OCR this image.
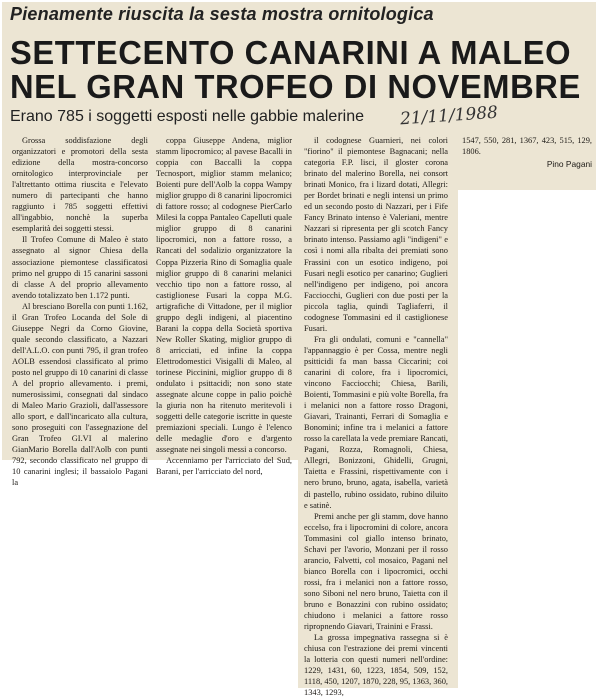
Pienamente riuscita la sesta mostra ornitologica
SETTECENTO CANARINI A MALEO
NEL GRAN TROFEO DI NOVEMBRE
Erano 785 i soggetti esposti nelle gabbie malerine 21/11/1988

Grossa soddisfazione degli organizzatori e promotori della sesta edizione della mostra-concorso ornitologico interprovinciale per l'altrettanto ottima riuscita e l'elevato numero di partecipanti che hanno raggiunto i 785 soggetti effettivi all'ingabbio, nonchè la superba esemplarità dei soggetti stessi.

Il Trofeo Comune di Maleo è stato assegnato al signor Chiesa della associazione piemontese classificatosi primo nel gruppo di 15 canarini sassoni di classe A del proprio allevamento avendo totalizzato ben 1.172 punti.

Al bresciano Borella con punti 1.162, il Gran Trofeo Locanda del Sole di Giuseppe Negri da Corno Giovine, quale secondo classificato, a Nazzari dell'A.L.O. con punti 795, il gran trofeo AOLB essendosi classificato al primo posto nel gruppo di 10 canarini di classe A del proprio allevamento. i premi, numerosissimi, consegnati dal sindaco di Maleo Mario Grazioli, dall'assessore allo sport, e dall'incaricato alla cultura, sono proseguiti con l'assegnazione del Gran Trofeo GI.VI al malerino GianMario Borella dall'Aolb con punti 792, secondo classificato nel gruppo di 10 canarini inglesi; il bassaiolo Pagani la

coppa Giuseppe Andena, miglior stamm lipocromico; al pavese Bacalli in coppia con Baccalli la coppa Tecnosport, miglior stamm melanico; Boienti pure dell'Aolb la coppa Wampy miglior gruppo di 8 canarini lipocromici di fattore rosso; al codognese PierCarlo Milesi la coppa Pantaleo Capelluti quale miglior gruppo di 8 canarini lipocromici, non a fattore rosso, a Rancati del sodalizio organizzatore la Coppa Pizzeria Rino di Somaglia quale miglior gruppo di 8 canarini melanici vecchio tipo non a fattore rosso, al castiglionese Fusari la coppa M.G. artigrafiche di Vittadone, per il miglior gruppo degli indigeni, al piacentino Barani la coppa della Società sportiva New Roller Skating, miglior gruppo di 8 arricciati, ed infine la coppa Elettrodomestici Visigalli di Maleo, al torinese Piccinini, miglior gruppo di 8 ondulato i psittacidi; non sono state assegnate alcune coppe in palio poichè la giuria non ha ritenuto meritevoli i soggetti delle categorie iscritte in queste premiazioni speciali. Lungo è l'elenco delle medaglie d'oro e d'argento assegnate nei singoli messi a concorso.

Accenniamo per l'arricciato del Sud, Barani, per l'arricciato del nord,

il codognese Guarnieri, nei colori "fiorino" il piemontese Bagnacani; nella categoria F.P. lisci, il gloster corona brinato del malerino Borella, nei consort brinati Monico, fra i lizard dotati, Allegri: per Bordet brinati e negli intensi un primo ed un secondo posto di Nazzari, per i Fife Fancy Brinato intenso è Valeriani, mentre Nazzari si ripresenta per gli scotch Fancy brinato intenso. Passiamo agli "indigeni" e così i nomi alla ribalta dei premiati sono Frassini con un esotico indigeno, poi Fusari negli esotico per canarino; Guglieri nell'indigeno per indigeno, poi ancora Facciocchi, Guglieri con due posti per la piccola taglia, quindi Tagliaferri, il codognese Tommasini ed il castiglionese Fusari.

Fra gli ondulati, comuni e "cannella" l'appannaggio è per Cossa, mentre negli psitticidi fa man bassa Ciccarini; coi canarini di colore, fra i lipocromici, vincono Facciocchi; Chiesa, Barili, Boienti, Tommasini e più volte Borella, fra i melanici non a fattore rosso Dragoni, Giavari, Trainanti, Ferrari di Somaglia e Bonomini; infine tra i melanici a fattore rosso la carellata la vede premiare Rancati, Pagani, Rozza, Romagnoli, Chiesa, Allegri, Bonizzoni, Ghidelli, Grugni, Taietta e Frassini, rispettivamente con i nero bruno, bruno, agata, isabella, varietà di pastello, rubino ossidato, rubino diluito e satinè.

Premi anche per gli stamm, dove hanno eccelso, fra i lipocromini di colore, ancora Tommasini col giallo intenso brinato, Schavi per l'avorio, Monzani per il rosso arancio, Falvetti, col mosaico, Pagani nel bianco Borella con i lipocromici, occhi rossi, fra i melanici non a fattore rosso, sono Siboni nel nero bruno, Taietta con il bruno e Bonazzini con rubino ossidato; chiudono i melanici a fattore rosso ripropnendo Giavari, Trainini e Frassi.

La grossa impegnativa rassegna si è chiusa con l'estrazione dei premi vincenti la lotteria con questi numeri nell'ordine: 1229, 1431, 60, 1223, 1854, 509, 152, 1118, 450, 1207, 1870, 228, 95, 1363, 360, 1343, 1293,

1547, 550, 281, 1367, 423, 515, 129, 1806.

Pino Pagani
